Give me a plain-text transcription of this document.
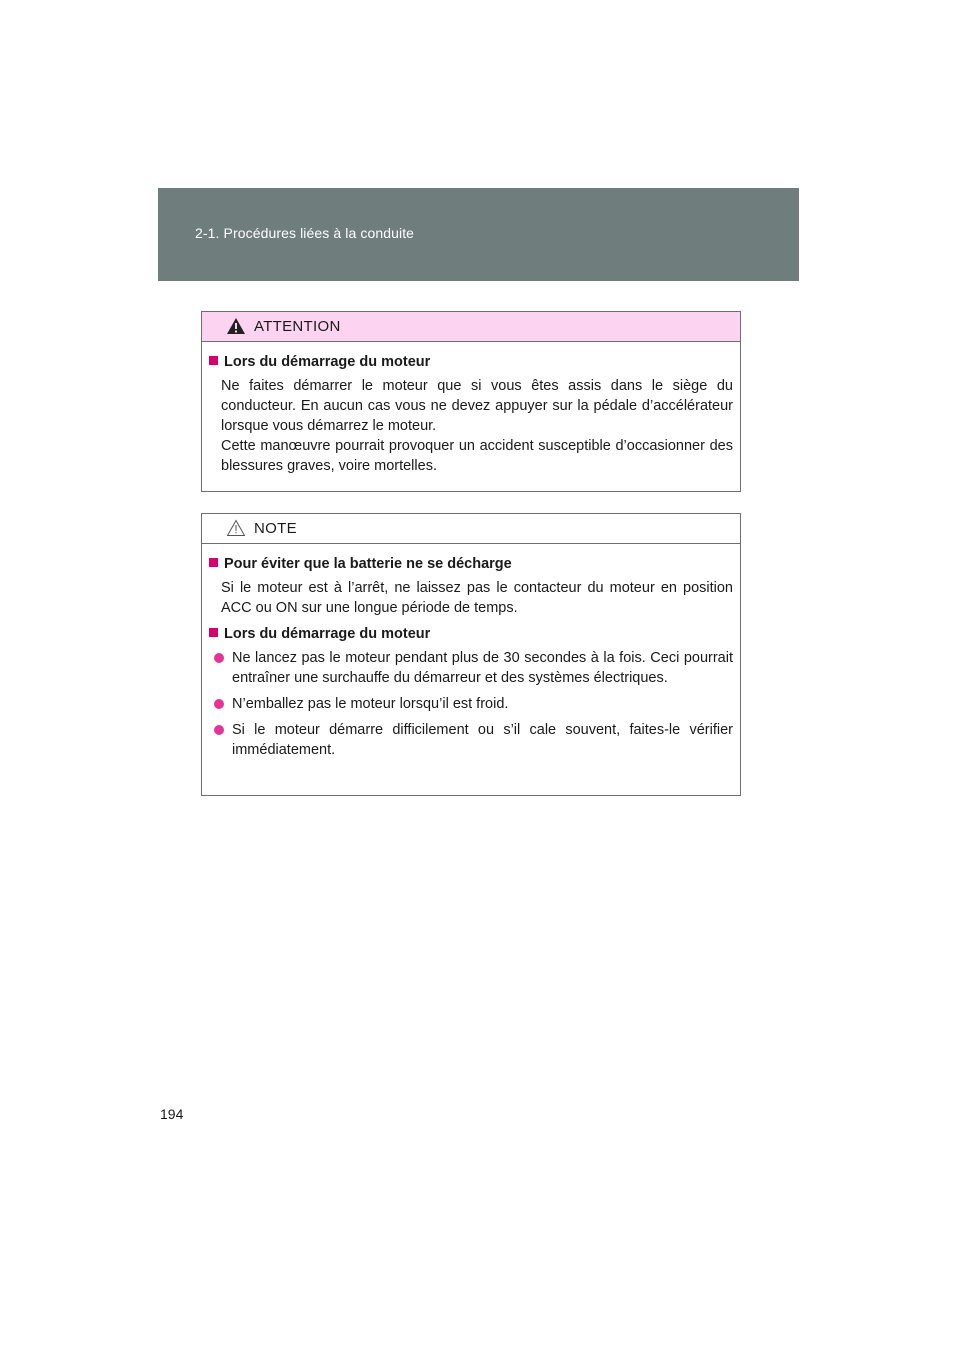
2-1. Procédures liées à la conduite
ATTENTION
Lors du démarrage du moteur
Ne faites démarrer le moteur que si vous êtes assis dans le siège du conducteur. En aucun cas vous ne devez appuyer sur la pédale d’accélérateur lorsque vous démarrez le moteur.
Cette manœuvre pourrait provoquer un accident susceptible d’occasionner des blessures graves, voire mortelles.
NOTE
Pour éviter que la batterie ne se décharge
Si le moteur est à l’arrêt, ne laissez pas le contacteur du moteur en position ACC ou ON sur une longue période de temps.
Lors du démarrage du moteur
Ne lancez pas le moteur pendant plus de 30 secondes à la fois. Ceci pourrait entraîner une surchauffe du démarreur et des systèmes électriques.
N’emballez pas le moteur lorsqu’il est froid.
Si le moteur démarre difficilement ou s’il cale souvent, faites-le vérifier immédiatement.
194
